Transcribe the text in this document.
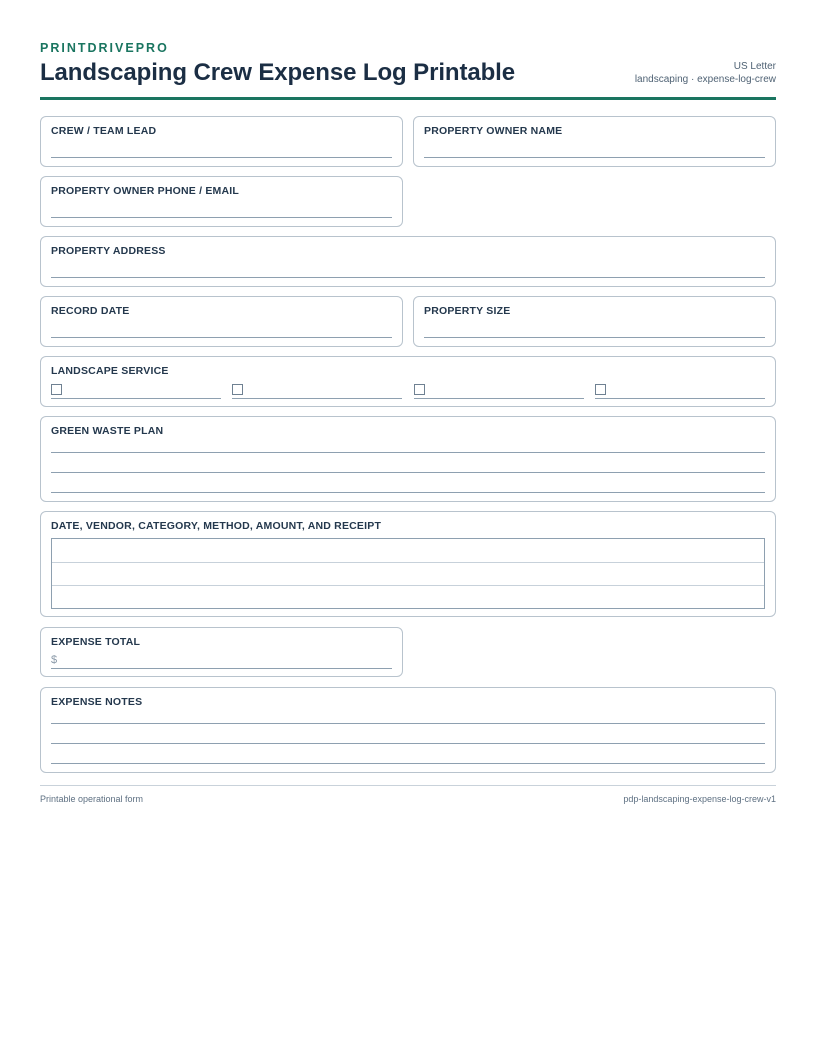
PRINTDRIVEPRO
Landscaping Crew Expense Log Printable	US Letter
landscaping · expense-log-crew
CREW / TEAM LEAD	PROPERTY OWNER NAME
PROPERTY OWNER PHONE / EMAIL
PROPERTY ADDRESS
RECORD DATE	PROPERTY SIZE
LANDSCAPE SERVICE
GREEN WASTE PLAN
DATE, VENDOR, CATEGORY, METHOD, AMOUNT, AND RECEIPT
EXPENSE TOTAL
$
EXPENSE NOTES
Printable operational form	pdp-landscaping-expense-log-crew-v1
